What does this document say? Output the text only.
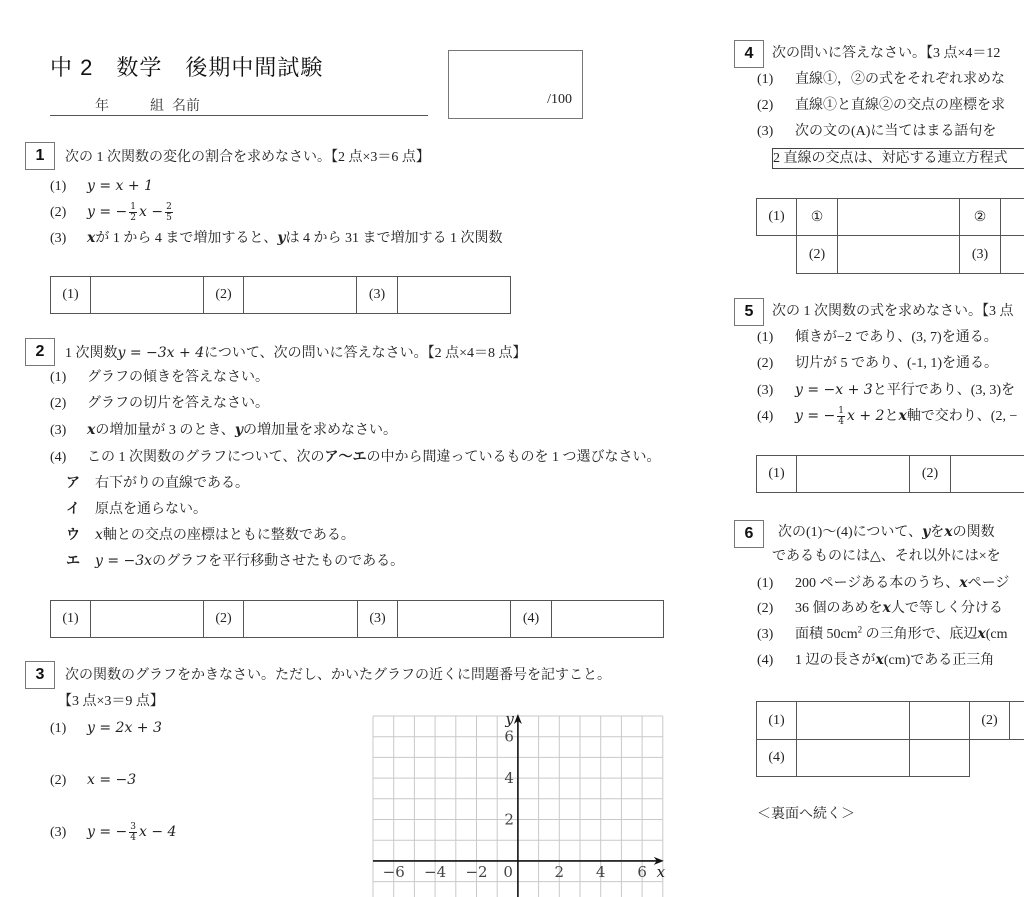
中 2　数学　後期中間試験
年	組 名前	/100
1	次の 1 次関数の変化の割合を求めなさい。【2 点×3＝6 点】
(1) y = x + 1
(2) y = − $\frac{1}{2}$ $x - \frac{2}{5}$
(3) xが 1 から 4 まで増加すると、yは 4 から 31 まで増加する 1 次関数
(1)	(2)	(3)
2	1 次関数y = −3x + 4について、次の問いに答えなさい。【2 点×4＝8 点】
(1) グラフの傾きを答えなさい。
(2) グラフの切片を答えなさい。
(3) xの増加量が 3 のとき、yの増加量を求めなさい。
(4) この 1 次関数のグラフについて、次のア～エの中から間違っているものを 1 つ選びなさい。
ア 右下がりの直線である。
イ 原点を通らない。
ウ x軸との交点の座標はともに整数である。
エ y = −3xのグラフを平行移動させたものである。
(1)	(2)	(3)	(4)
3	次の関数のグラフをかきなさい。ただし、かいたグラフの近くに問題番号を記すこと。
【3 点×3＝9 点】
(1) y = 2x + 3
(2) x = −3
(3) y = − $\frac{3}{4}$ x − 4
−6 −4 −2	2 4 6
6
4
2
0	x
y
4	次の問いに答えなさい。【3 点×4＝12
(1) 直線①，②の式をそれぞれ求めな
(2) 直線①と直線②の交点の座標を求
(3) 次の文の(A)に当てはまる語句を
2 直線の交点は、対応する連立方程式
(1)	①	②
(2)	(3)
5	次の 1 次関数の式を求めなさい。【3 点
(1) 傾きが−2 であり、(3, 7)を通る。
(2) 切片が 5 であり、(-1, 1)を通る。
(3) y = −x + 3と平行であり、(3, 3)を
(4) y = − $\frac{1}{4}$ x + 2とx軸で交わり、(2, −
(1)	(2)
6	次の(1)～(4)について、yをxの関数
であるものには△、それ以外には×を
(1) 200 ページある本のうち、xページ
(2) 36 個のあめをx人で等しく分ける
(3) 面積 $50cm^2$ の三角形で、底辺x(cm
(4) 1 辺の長さがx(cm)である正三角
(1)	(2)
(4)
＜裏面へ続く＞
